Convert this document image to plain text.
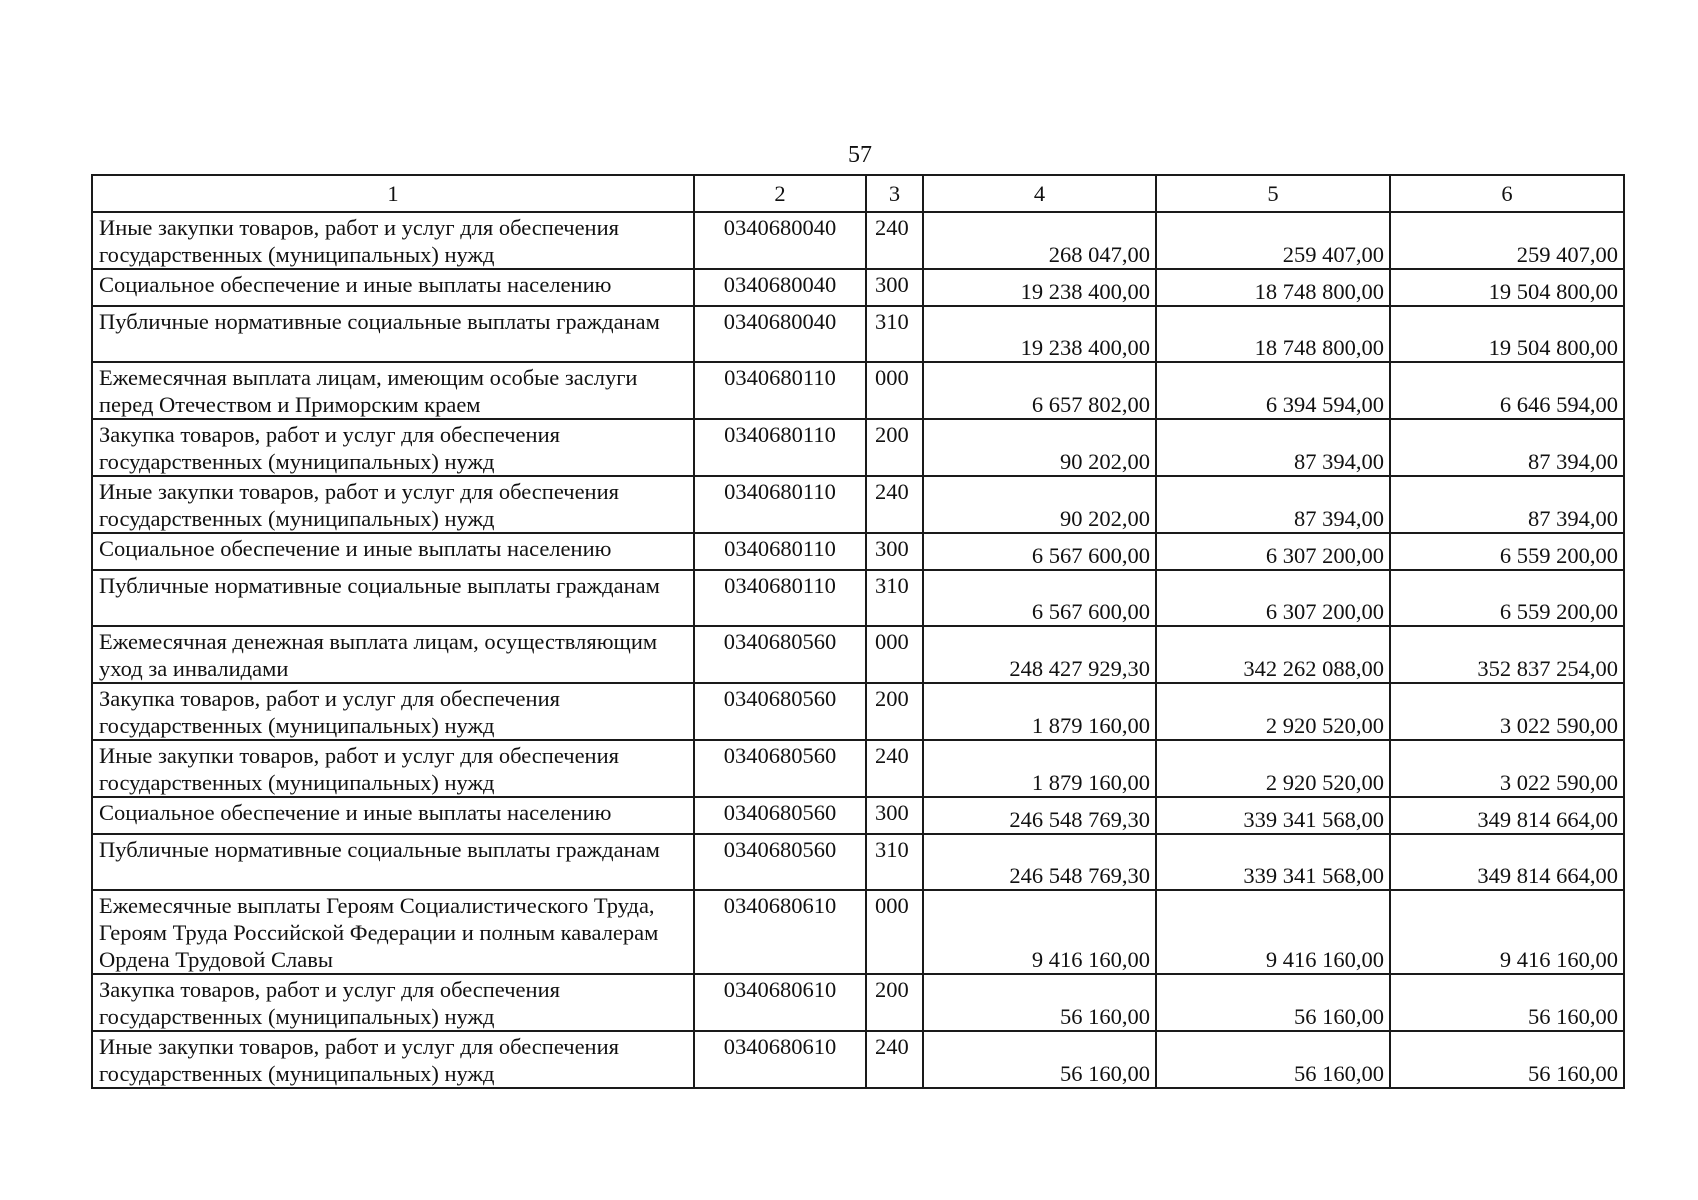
57
1	2	3	4	5	6
Иные закупки товаров, работ и услуг для обеспечения государственных (муниципальных) нужд	0340680040	240	268 047,00	259 407,00	259 407,00
Социальное обеспечение и иные выплаты населению	0340680040	300	19 238 400,00	18 748 800,00	19 504 800,00
Публичные нормативные социальные выплаты гражданам	0340680040	310	19 238 400,00	18 748 800,00	19 504 800,00
Ежемесячная выплата лицам, имеющим особые заслуги перед Отечеством и Приморским краем	0340680110	000	6 657 802,00	6 394 594,00	6 646 594,00
Закупка товаров, работ и услуг для обеспечения государственных (муниципальных) нужд	0340680110	200	90 202,00	87 394,00	87 394,00
Иные закупки товаров, работ и услуг для обеспечения государственных (муниципальных) нужд	0340680110	240	90 202,00	87 394,00	87 394,00
Социальное обеспечение и иные выплаты населению	0340680110	300	6 567 600,00	6 307 200,00	6 559 200,00
Публичные нормативные социальные выплаты гражданам	0340680110	310	6 567 600,00	6 307 200,00	6 559 200,00
Ежемесячная денежная выплата лицам, осуществляющим уход за инвалидами	0340680560	000	248 427 929,30	342 262 088,00	352 837 254,00
Закупка товаров, работ и услуг для обеспечения государственных (муниципальных) нужд	0340680560	200	1 879 160,00	2 920 520,00	3 022 590,00
Иные закупки товаров, работ и услуг для обеспечения государственных (муниципальных) нужд	0340680560	240	1 879 160,00	2 920 520,00	3 022 590,00
Социальное обеспечение и иные выплаты населению	0340680560	300	246 548 769,30	339 341 568,00	349 814 664,00
Публичные нормативные социальные выплаты гражданам	0340680560	310	246 548 769,30	339 341 568,00	349 814 664,00
Ежемесячные выплаты Героям Социалистического Труда, Героям Труда Российской Федерации и полным кавалерам Ордена Трудовой Славы	0340680610	000	9 416 160,00	9 416 160,00	9 416 160,00
Закупка товаров, работ и услуг для обеспечения государственных (муниципальных) нужд	0340680610	200	56 160,00	56 160,00	56 160,00
Иные закупки товаров, работ и услуг для обеспечения государственных (муниципальных) нужд	0340680610	240	56 160,00	56 160,00	56 160,00
